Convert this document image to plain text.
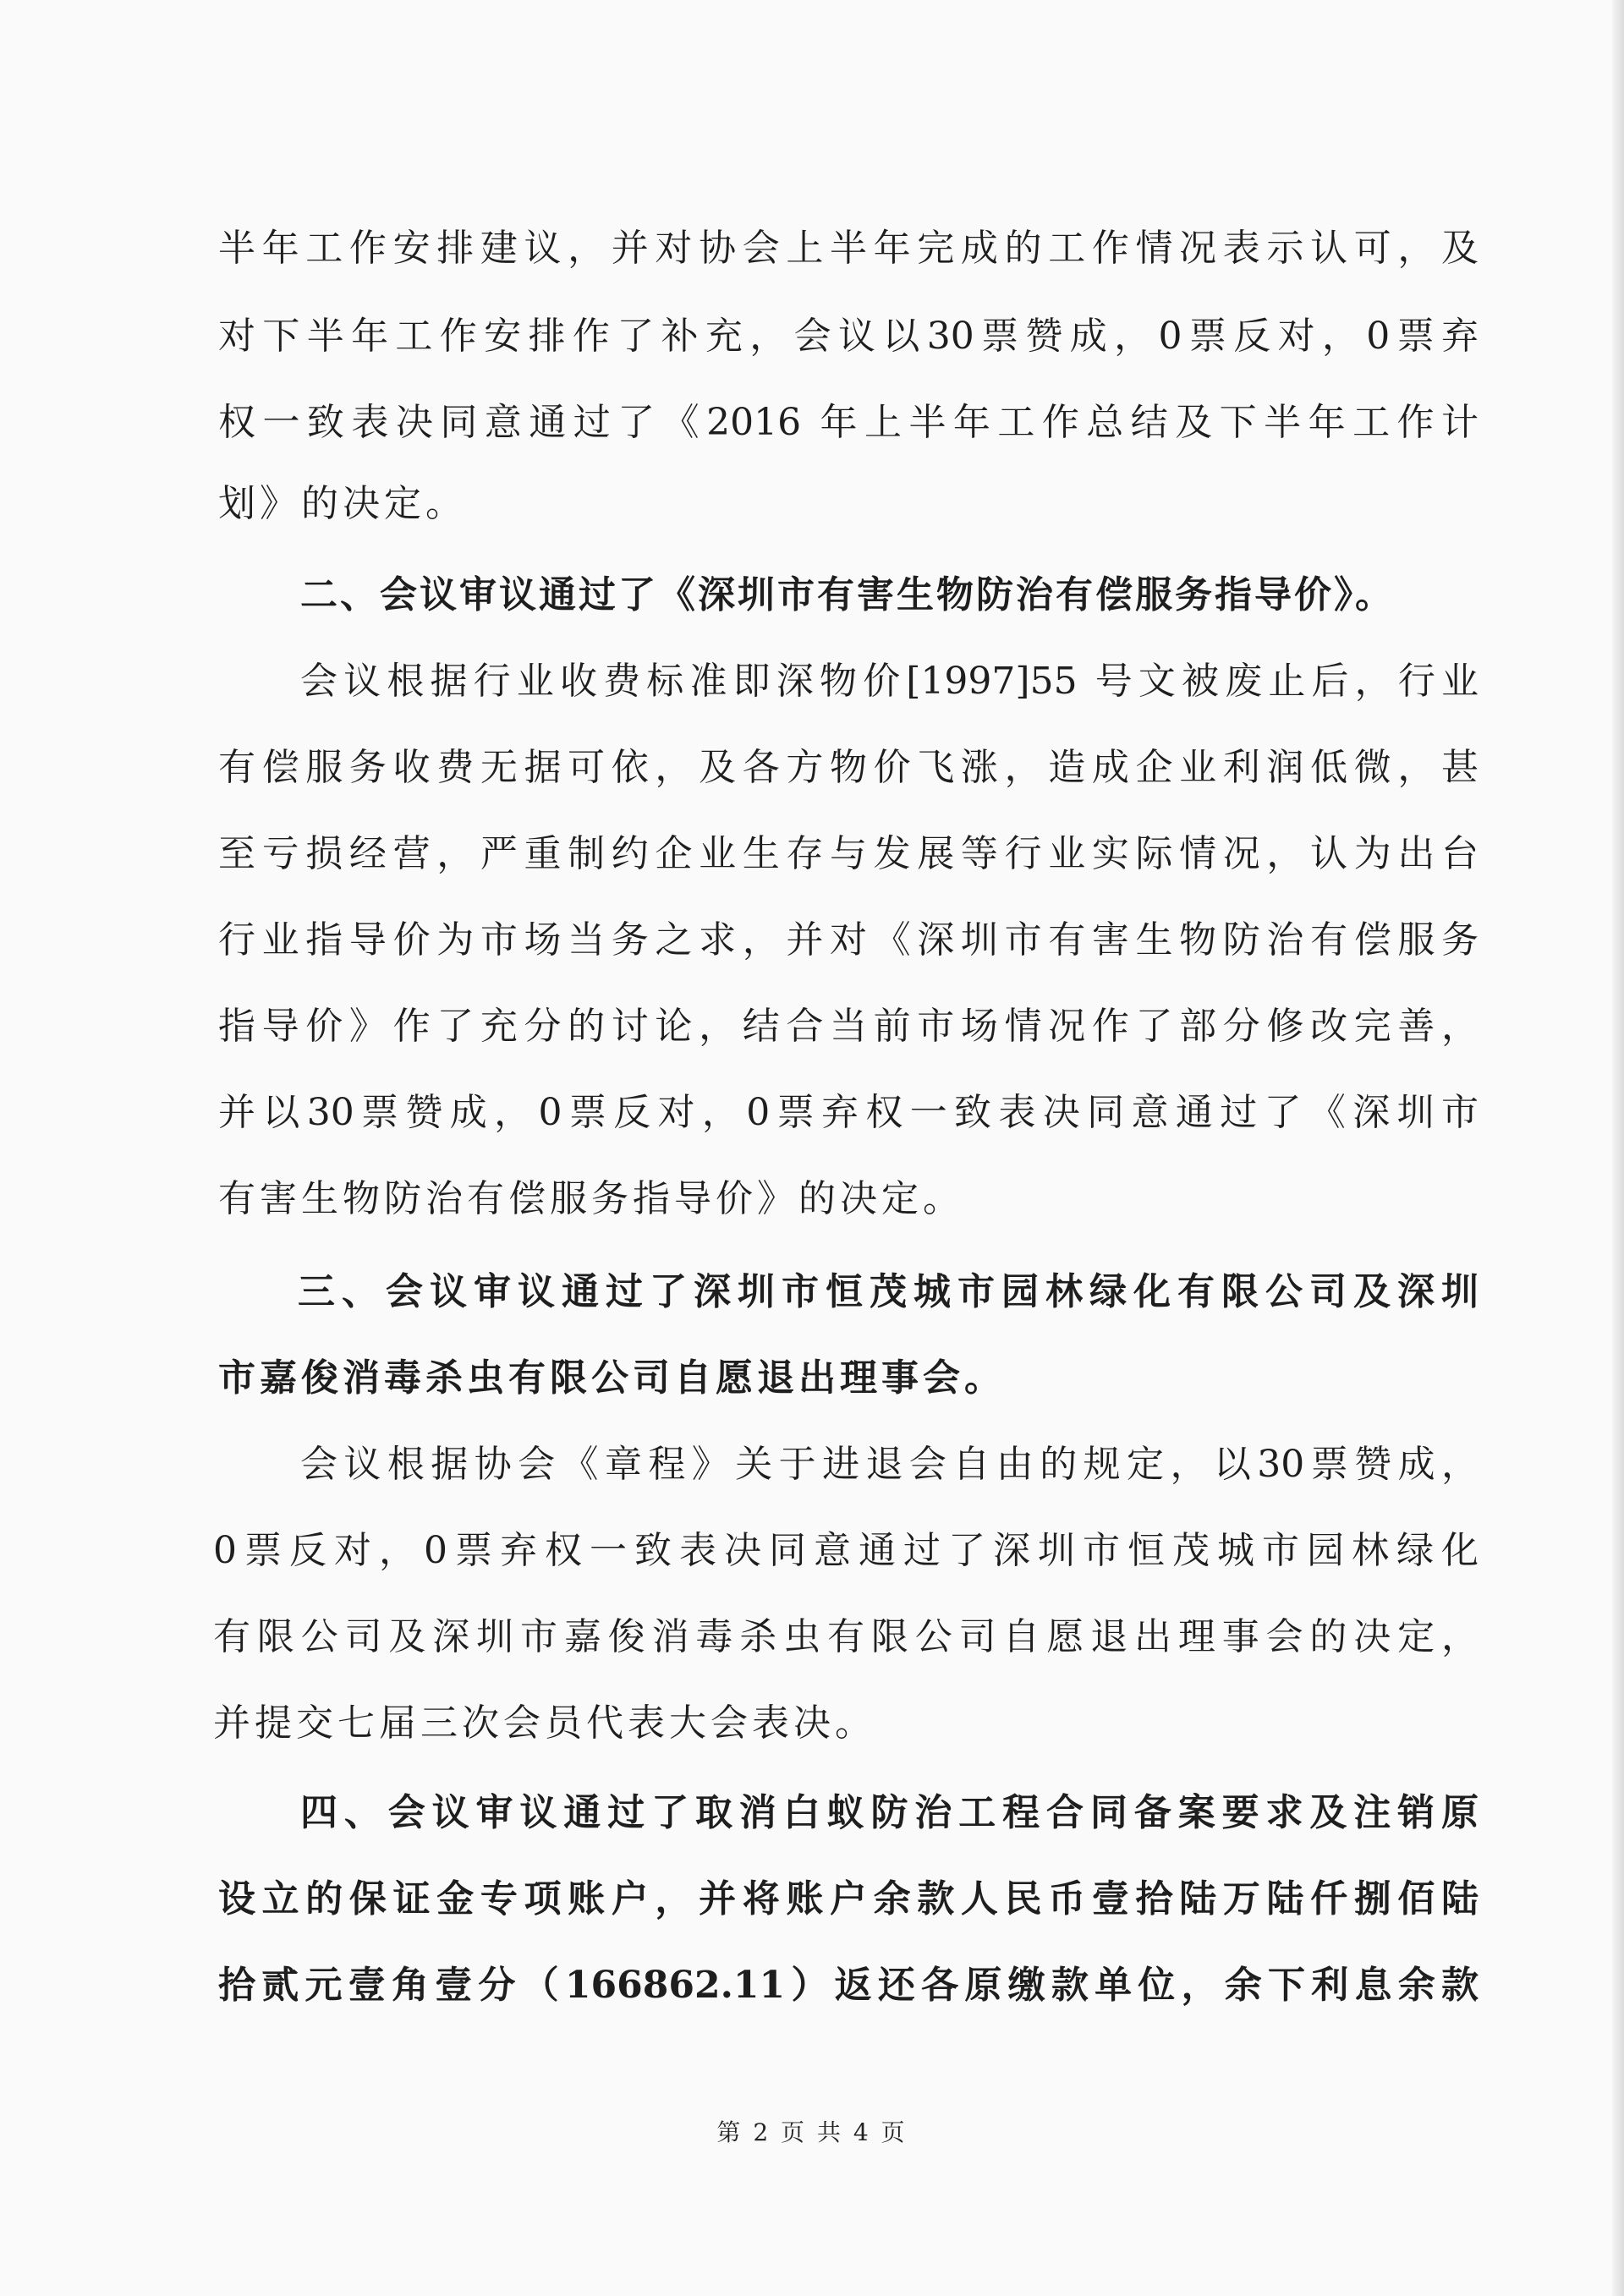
半年工作安排建议，并对协会上半年完成的工作情况表示认可，及
对下半年工作安排作了补充，会议以30票赞成，0票反对，0票弃
权一致表决同意通过了《2016 年上半年工作总结及下半年工作计
划》的决定。
二、会议审议通过了《深圳市有害生物防治有偿服务指导价》。
会议根据行业收费标准即深物价[1997]55 号文被废止后，行业
有偿服务收费无据可依，及各方物价飞涨，造成企业利润低微，甚
至亏损经营，严重制约企业生存与发展等行业实际情况，认为出台
行业指导价为市场当务之求，并对《深圳市有害生物防治有偿服务
指导价》作了充分的讨论，结合当前市场情况作了部分修改完善，
并以30票赞成，0票反对，0票弃权一致表决同意通过了《深圳市
有害生物防治有偿服务指导价》的决定。
三、会议审议通过了深圳市恒茂城市园林绿化有限公司及深圳
市嘉俊消毒杀虫有限公司自愿退出理事会。
会议根据协会《章程》关于进退会自由的规定，以30票赞成，
0票反对，0票弃权一致表决同意通过了深圳市恒茂城市园林绿化
有限公司及深圳市嘉俊消毒杀虫有限公司自愿退出理事会的决定，
并提交七届三次会员代表大会表决。
四、会议审议通过了取消白蚁防治工程合同备案要求及注销原
设立的保证金专项账户，并将账户余款人民币壹拾陆万陆仟捌佰陆
拾贰元壹角壹分（166862.11）返还各原缴款单位，余下利息余款
第 2 页 共 4 页
